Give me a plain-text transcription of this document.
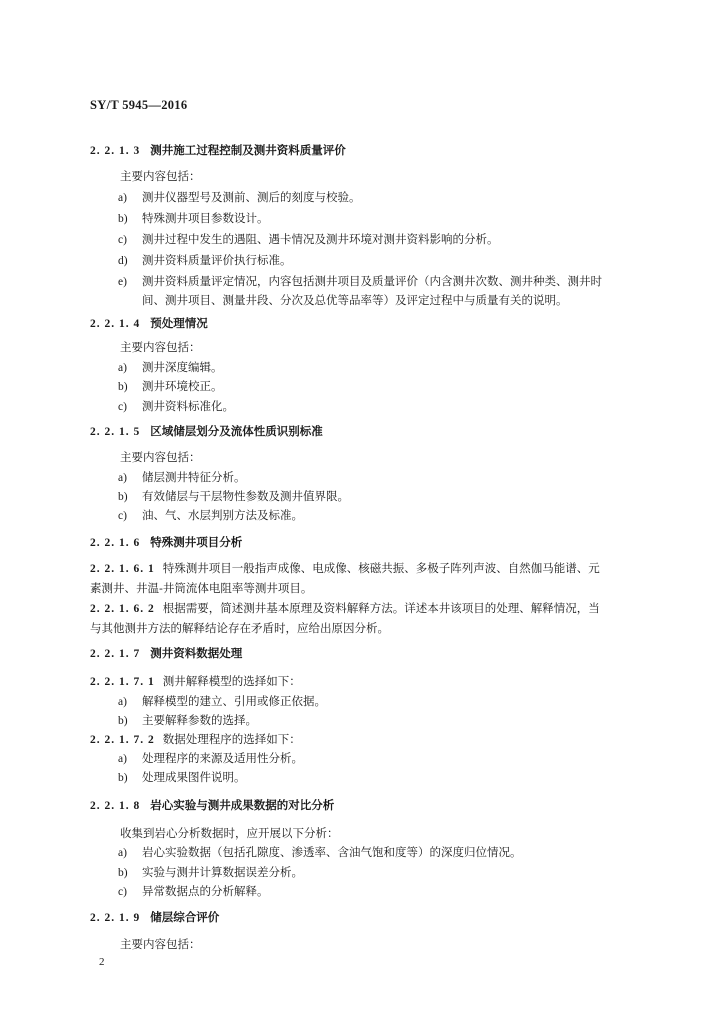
SY/T 5945—2016
2. 2. 1. 3 测井施工过程控制及测井资料质量评价
主要内容包括：
a) 测井仪器型号及测前、测后的刻度与校验。
b) 特殊测井项目参数设计。
c) 测井过程中发生的遇阻、遇卡情况及测井环境对测井资料影响的分析。
d) 测井资料质量评价执行标准。
e) 测井资料质量评定情况，内容包括测井项目及质量评价（内含测井次数、测井种类、测井时
间、测井项目、测量井段、分次及总优等品率等）及评定过程中与质量有关的说明。
2. 2. 1. 4 预处理情况
主要内容包括：
a) 测井深度编辑。
b) 测井环境校正。
c) 测井资料标准化。
2. 2. 1. 5 区域储层划分及流体性质识别标准
主要内容包括：
a) 储层测井特征分析。
b) 有效储层与干层物性参数及测井值界限。
c) 油、气、水层判别方法及标准。
2. 2. 1. 6 特殊测井项目分析
2. 2. 1. 6. 1 特殊测井项目一般指声成像、电成像、核磁共振、多极子阵列声波、自然伽马能谱、元
素测井、井温-井筒流体电阻率等测井项目。
2. 2. 1. 6. 2 根据需要，简述测井基本原理及资料解释方法。详述本井该项目的处理、解释情况，当
与其他测井方法的解释结论存在矛盾时，应给出原因分析。
2. 2. 1. 7 测井资料数据处理
2. 2. 1. 7. 1 测井解释模型的选择如下：
a) 解释模型的建立、引用或修正依据。
b) 主要解释参数的选择。
2. 2. 1. 7. 2 数据处理程序的选择如下：
a) 处理程序的来源及适用性分析。
b) 处理成果图件说明。
2. 2. 1. 8 岩心实验与测井成果数据的对比分析
收集到岩心分析数据时，应开展以下分析：
a) 岩心实验数据（包括孔隙度、渗透率、含油气饱和度等）的深度归位情况。
b) 实验与测井计算数据误差分析。
c) 异常数据点的分析解释。
2. 2. 1. 9 储层综合评价
主要内容包括：
2
